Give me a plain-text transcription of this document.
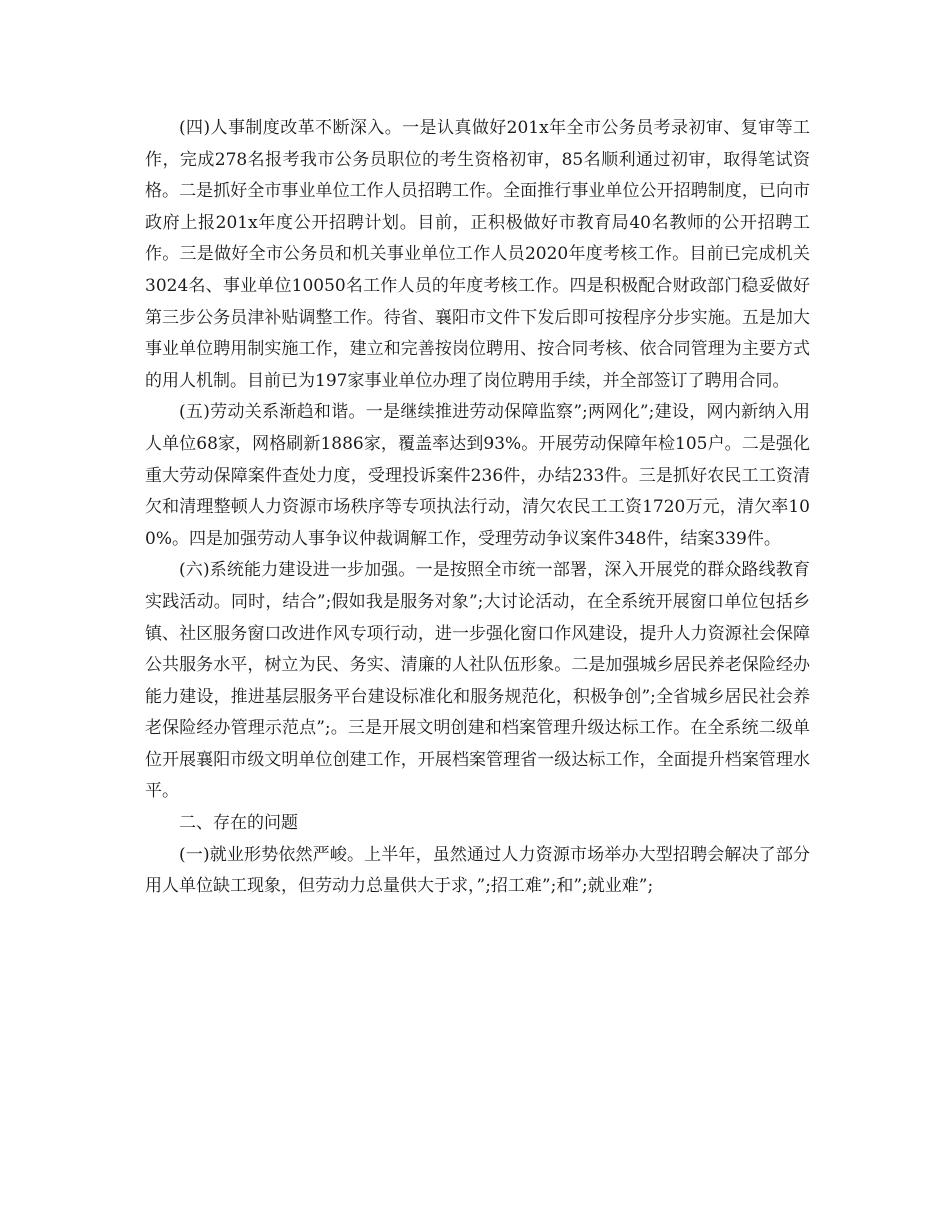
(四)人事制度改革不断深入。一是认真做好201x年全市公务员考录初审、复审等工作，完成278名报考我市公务员职位的考生资格初审，85名顺利通过初审，取得笔试资格。二是抓好全市事业单位工作人员招聘工作。全面推行事业单位公开招聘制度，已向市政府上报201x年度公开招聘计划。目前，正积极做好市教育局40名教师的公开招聘工作。三是做好全市公务员和机关事业单位工作人员2020年度考核工作。目前已完成机关3024名、事业单位10050名工作人员的年度考核工作。四是积极配合财政部门稳妥做好第三步公务员津补贴调整工作。待省、襄阳市文件下发后即可按程序分步实施。五是加大事业单位聘用制实施工作，建立和完善按岗位聘用、按合同考核、依合同管理为主要方式的用人机制。目前已为197家事业单位办理了岗位聘用手续，并全部签订了聘用合同。

(五)劳动关系渐趋和谐。一是继续推进劳动保障监察”;两网化”;建设，网内新纳入用人单位68家，网格刷新1886家，覆盖率达到93%。开展劳动保障年检105户。二是强化重大劳动保障案件查处力度，受理投诉案件236件，办结233件。三是抓好农民工工资清欠和清理整顿人力资源市场秩序等专项执法行动，清欠农民工工资1720万元，清欠率100%。四是加强劳动人事争议仲裁调解工作，受理劳动争议案件348件，结案339件。

(六)系统能力建设进一步加强。一是按照全市统一部署，深入开展党的群众路线教育实践活动。同时，结合”;假如我是服务对象”;大讨论活动，在全系统开展窗口单位包括乡镇、社区服务窗口改进作风专项行动，进一步强化窗口作风建设，提升人力资源社会保障公共服务水平，树立为民、务实、清廉的人社队伍形象。二是加强城乡居民养老保险经办能力建设，推进基层服务平台建设标准化和服务规范化，积极争创”;全省城乡居民社会养老保险经办管理示范点”;。三是开展文明创建和档案管理升级达标工作。在全系统二级单位开展襄阳市级文明单位创建工作，开展档案管理省一级达标工作，全面提升档案管理水平。

二、存在的问题

(一)就业形势依然严峻。上半年，虽然通过人力资源市场举办大型招聘会解决了部分用人单位缺工现象，但劳动力总量供大于求，”;招工难”;和”;就业难”;
